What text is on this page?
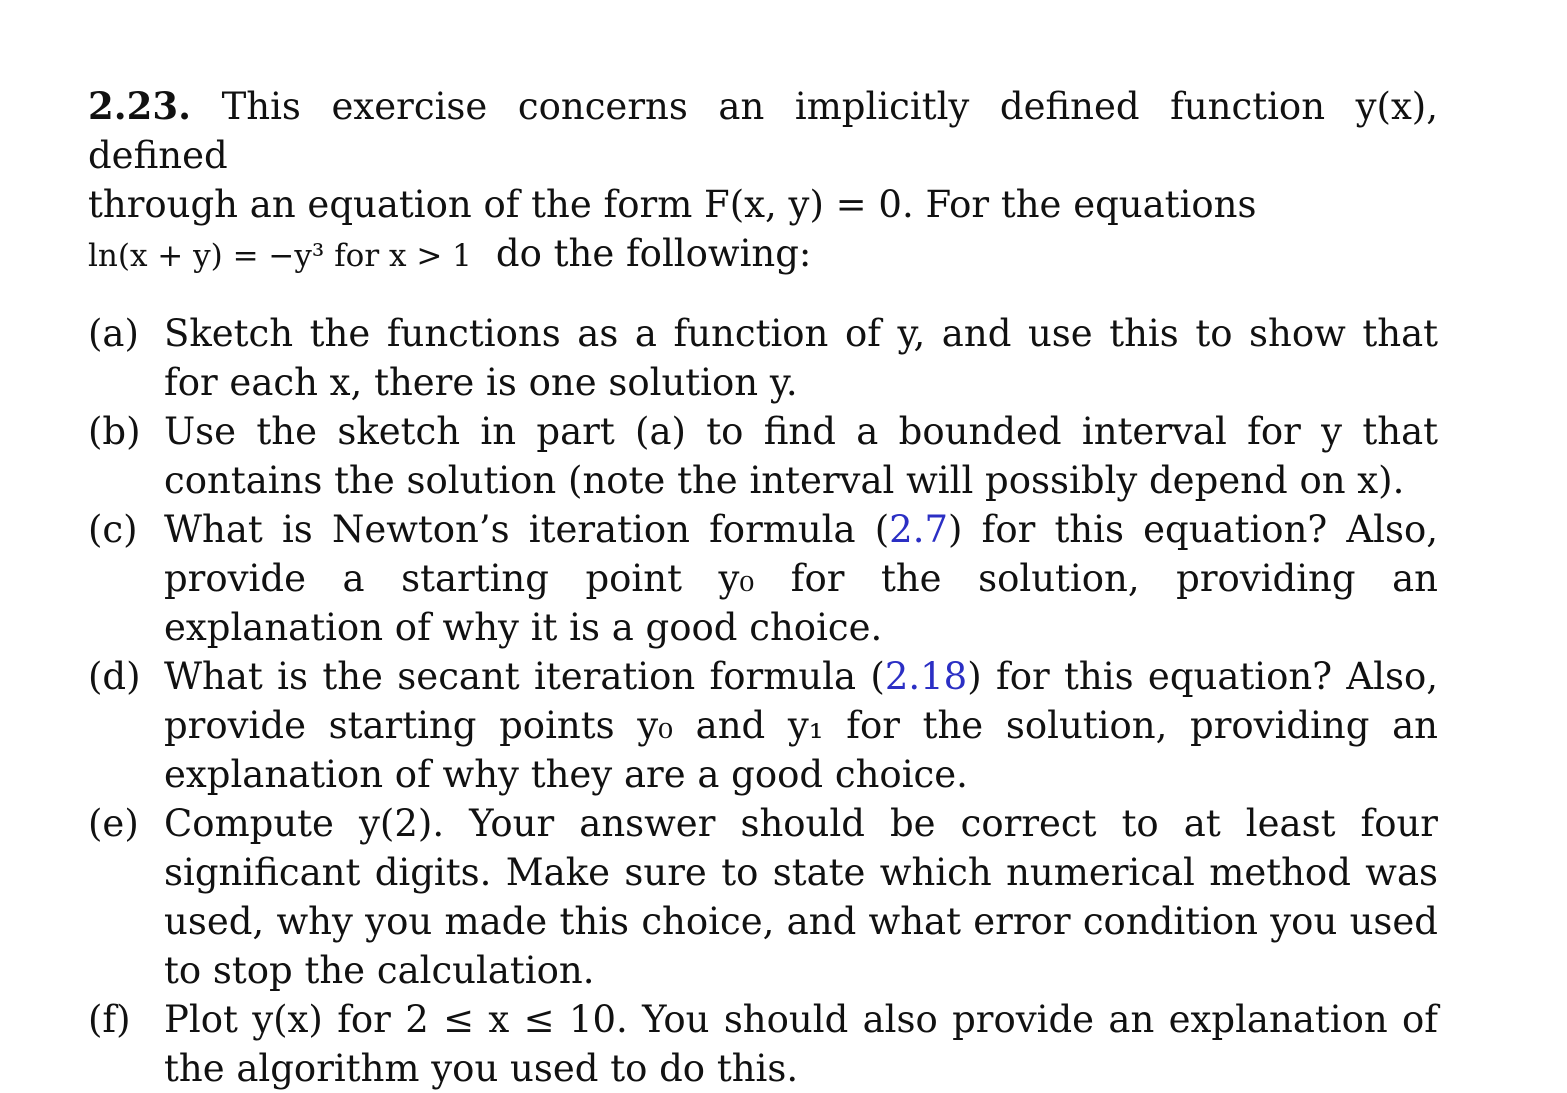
2.23. This exercise concerns an implicitly defined function y(x), defined
through an equation of the form F(x, y) = 0. For the equations
ln(x + y) = −y³ for x > 1 do the following:
(a) Sketch the functions as a function of y, and use this to show that for each x, there is one solution y.
(b) Use the sketch in part (a) to find a bounded interval for y that contains the solution (note the interval will possibly depend on x).
(c) What is Newton’s iteration formula (2.7) for this equation? Also, provide a starting point y₀ for the solution, providing an explanation of why it is a good choice.
(d) What is the secant iteration formula (2.18) for this equation? Also, provide starting points y₀ and y₁ for the solution, providing an explanation of why they are a good choice.
(e) Compute y(2). Your answer should be correct to at least four significant digits. Make sure to state which numerical method was used, why you made this choice, and what error condition you used to stop the calculation.
(f) Plot y(x) for 2 ≤ x ≤ 10. You should also provide an explanation of the algorithm you used to do this.
